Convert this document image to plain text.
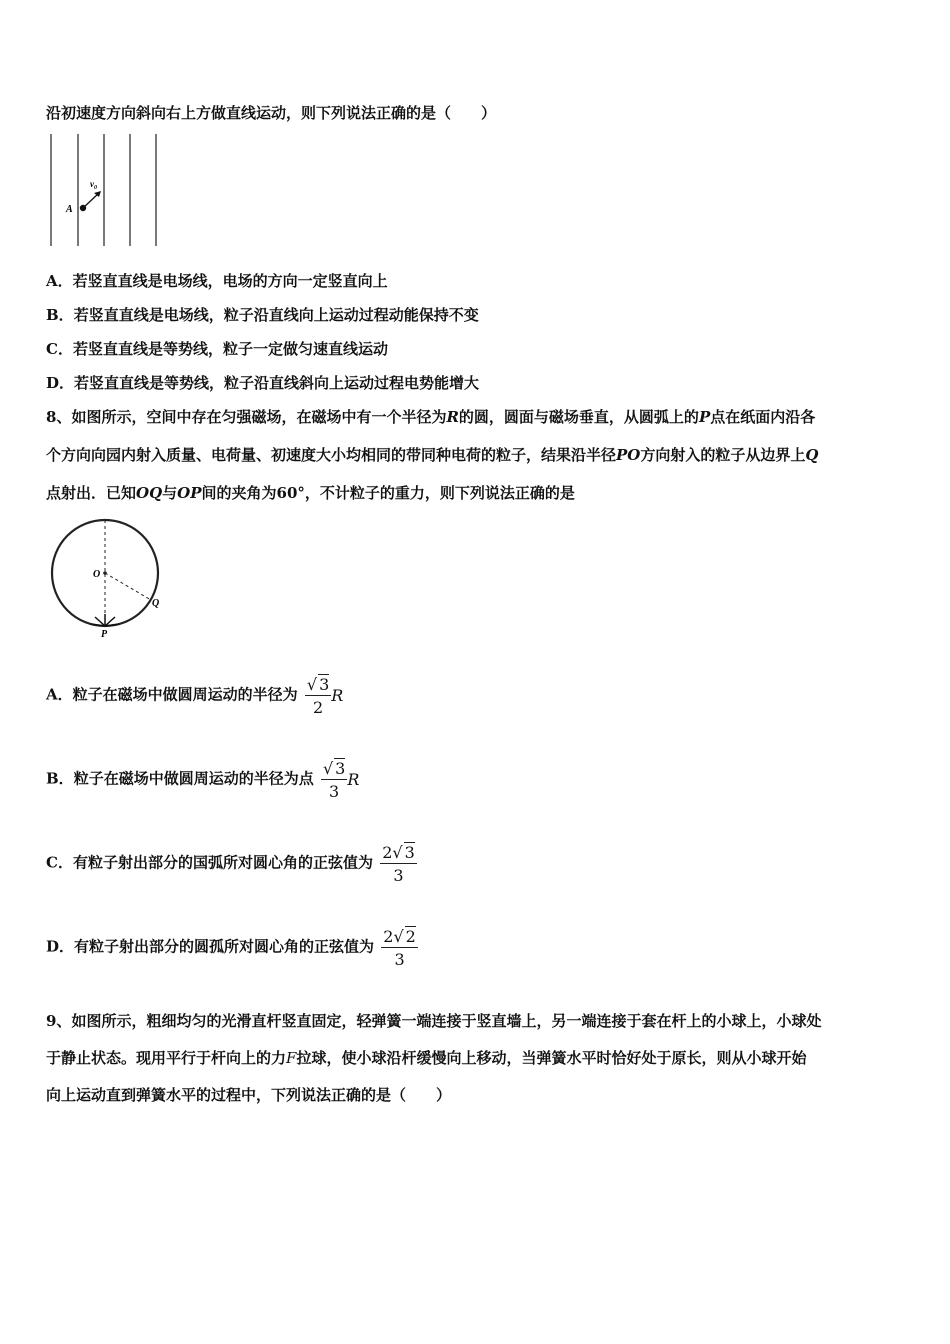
沿初速度方向斜向右上方做直线运动，则下列说法正确的是（　　）
A
$v_0$
A．若竖直直线是电场线，电场的方向一定竖直向上
B．若竖直直线是电场线，粒子沿直线向上运动过程动能保持不变
C．若竖直直线是等势线，粒子一定做匀速直线运动
D．若竖直直线是等势线，粒子沿直线斜向上运动过程电势能增大
8、如图所示，空间中存在匀强磁场，在磁场中有一个半径为R的圆，圆面与磁场垂直，从圆弧上的P点在纸面内沿各
个方向向园内射入质量、电荷量、初速度大小均相同的带同种电荷的粒子，结果沿半径PO方向射入的粒子从边界上Q
点射出．已知OQ与OP间的夹角为60°，不计粒子的重力，则下列说法正确的是
O
Q
P
A．粒子在磁场中做圆周运动的半径为 $\frac{√ 3}{2}$ R
B．粒子在磁场中做圆周运动的半径为点 $\frac{√ 3}{3}$ R
C．有粒子射出部分的国弧所对圆心角的正弦值为 $\frac{2√ 3}{3}$
D．有粒子射出部分的圆孤所对圆心角的正弦值为 $\frac{2√ 2}{3}$
9、如图所示，粗细均匀的光滑直杆竖直固定，轻弹簧一端连接于竖直墙上，另一端连接于套在杆上的小球上，小球处
于静止状态。现用平行于杆向上的力F拉球，使小球沿杆缓慢向上移动，当弹簧水平时恰好处于原长，则从小球开始
向上运动直到弹簧水平的过程中，下列说法正确的是（　　）
